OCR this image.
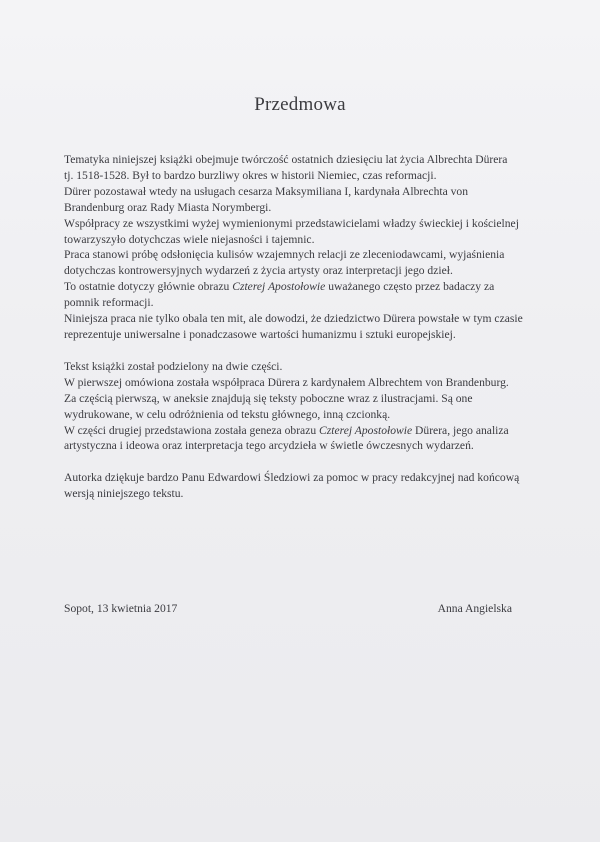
Przedmowa

Tematyka niniejszej książki obejmuje twórczość ostatnich dziesięciu lat życia Albrechta Dürera

tj. 1518-1528. Był to bardzo burzliwy okres w historii Niemiec, czas reformacji.

Dürer pozostawał wtedy na usługach cesarza Maksymiliana I, kardynała Albrechta von Brandenburg oraz Rady Miasta Norymbergi.

Współpracy ze wszystkimi wyżej wymienionymi przedstawicielami władzy świeckiej i kościelnej towarzyszyło dotychczas wiele niejasności i tajemnic.

Praca stanowi próbę odsłonięcia kulisów wzajemnych relacji ze zleceniodawcami, wyjaśnienia dotychczas kontrowersyjnych wydarzeń z życia artysty oraz interpretacji jego dzieł.

To ostatnie dotyczy głównie obrazu Czterej Apostołowie uważanego często przez badaczy za pomnik reformacji.

Niniejsza praca nie tylko obala ten mit, ale dowodzi, że dziedzictwo Dürera powstałe w tym czasie reprezentuje uniwersalne i ponadczasowe wartości humanizmu i sztuki europejskiej.

Tekst książki został podzielony na dwie części.

W pierwszej omówiona została współpraca Dürera z kardynałem Albrechtem von Brandenburg.

Za częścią pierwszą, w aneksie znajdują się teksty poboczne wraz z ilustracjami. Są one wydrukowane, w celu odróżnienia od tekstu głównego, inną czcionką.

W części drugiej przedstawiona została geneza obrazu Czterej Apostołowie Dürera, jego analiza artystyczna i ideowa oraz interpretacja tego arcydzieła w świetle ówczesnych wydarzeń.

Autorka dziękuje bardzo Panu Edwardowi Śledziowi za pomoc w pracy redakcyjnej nad końcową wersją niniejszego tekstu.

Sopot, 13 kwietnia 2017	Anna Angielska
